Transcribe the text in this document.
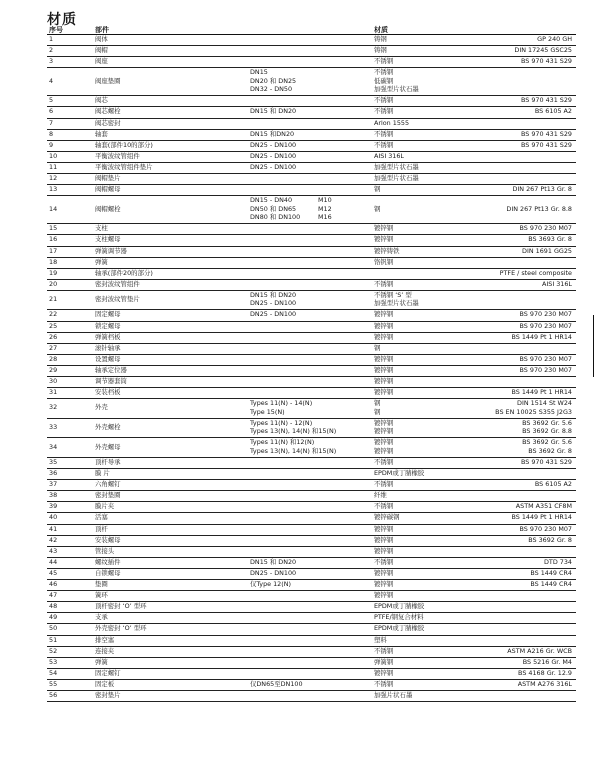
材质
序号	部件	材质
1	阀体	铸钢	GP 240 GH
2	阀帽	铸钢	DIN 17245 GSC25
3	阀座	不锈钢	BS 970 431 S29
4	阀座垫圈
DN15	不锈钢
DN20 和 DN25	低碳钢
DN32 - DN50	加强型片状石墨
5	阀芯	不锈钢	BS 970 431 S29
6	阀芯螺栓	DN15 和 DN20	不锈钢	BS 6105 A2
7	阀芯密封	Arlon 1555
8	轴套	DN15 和DN20	不锈钢	BS 970 431 S29
9	轴套(部件10的部分)	DN25 - DN100	不锈钢	BS 970 431 S29
10	平衡波纹管组件	DN25 - DN100	AISI 316L
11	平衡波纹管组件垫片	DN25 - DN100	加强型片状石墨
12	阀帽垫片	加强型片状石墨
13	阀帽螺母	钢	DIN 267 Pt13 Gr. 8
14	阀帽螺栓
DN15 - DN40	M10
DN50 和 DN65	M12	钢	DIN 267 Pt13 Gr. 8.8
DN80 和 DN100	M16
15	支柱	镀锌钢	BS 970 230 M07
16	支柱螺母	镀锌钢	BS 3693 Gr. 8
17	弹簧调节器	镀锌铸铁	DIN 1691 GG25
18	弹簧	铬钒钢
19	轴承(部件20的部分)	PTFE / steel composite
20	密封波纹管组件	不锈钢	AISI 316L
21	密封波纹管垫片
DN15 和 DN20	不锈钢 ‘S’ 型
DN25 - DN100	加强型片状石墨
22	固定螺母	DN25 - DN100	镀锌钢	BS 970 230 M07
25	锁定螺母	镀锌钢	BS 970 230 M07
26	弹簧档板	镀锌钢	BS 1449 Pt 1 HR14
27	滚针轴承	钢
28	设置螺母	镀锌钢	BS 970 230 M07
29	轴承定位器	镀锌钢	BS 970 230 M07
30	调节器套筒	镀锌钢
31	安装档板	镀锌钢	BS 1449 Pt 1 HR14
32	外壳
Types 11(N) - 14(N)	钢	DIN 1514 St W24
Type 15(N)	钢	BS EN 10025 S355 J2G3
33	外壳螺栓
Types 11(N) - 12(N)	镀锌钢	BS 3692 Gr. 5.6
Types 13(N), 14(N) 和15(N)	镀锌钢	BS 3692 Gr. 8.8
34	外壳螺母
Types 11(N) 和12(N)	镀锌钢	BS 3692 Gr. 5.6
Types 13(N), 14(N) 和15(N)	镀锌钢	BS 3692 Gr. 8
35	顶杆导承	不锈钢	BS 970 431 S29
36	膜 片	EPDM或丁腈橡胶
37	六角螺钉	不锈钢	BS 6105 A2
38	密封垫圈	纤维
39	膜片夹	不锈钢	ASTM A351 CF8M
40	活塞	镀锌碳钢	BS 1449 Pt 1 HR14
41	顶杆	镀锌钢	BS 970 230 M07
42	安装螺母	镀锌钢	BS 3692 Gr. 8
43	管接头	镀锌钢
44	螺纹插件	DN15 和 DN20	不锈钢	DTD 734
45	自锁螺母	DN25 - DN100	镀锌钢	BS 1449 CR4
46	垫圈	仅Type 12(N)	镀锌钢	BS 1449 CR4
47	簧环	镀锌钢
48	顶杆密封 ‘O’ 型环	EPDM或丁腈橡胶
49	支承	PTFE/钢复合材料
50	外壳密封 ‘O’ 型环	EPDM或丁腈橡胶
51	排空塞	塑料
52	连接夹	不锈钢	ASTM A216 Gr. WCB
53	弹簧	弹簧钢	BS 5216 Gr. M4
54	固定螺钉	镀锌钢	BS 4168 Gr. 12.9
55	固定板	仅DN65至DN100	不锈钢	ASTM A276 316L
56	密封垫片	加强片状石墨
